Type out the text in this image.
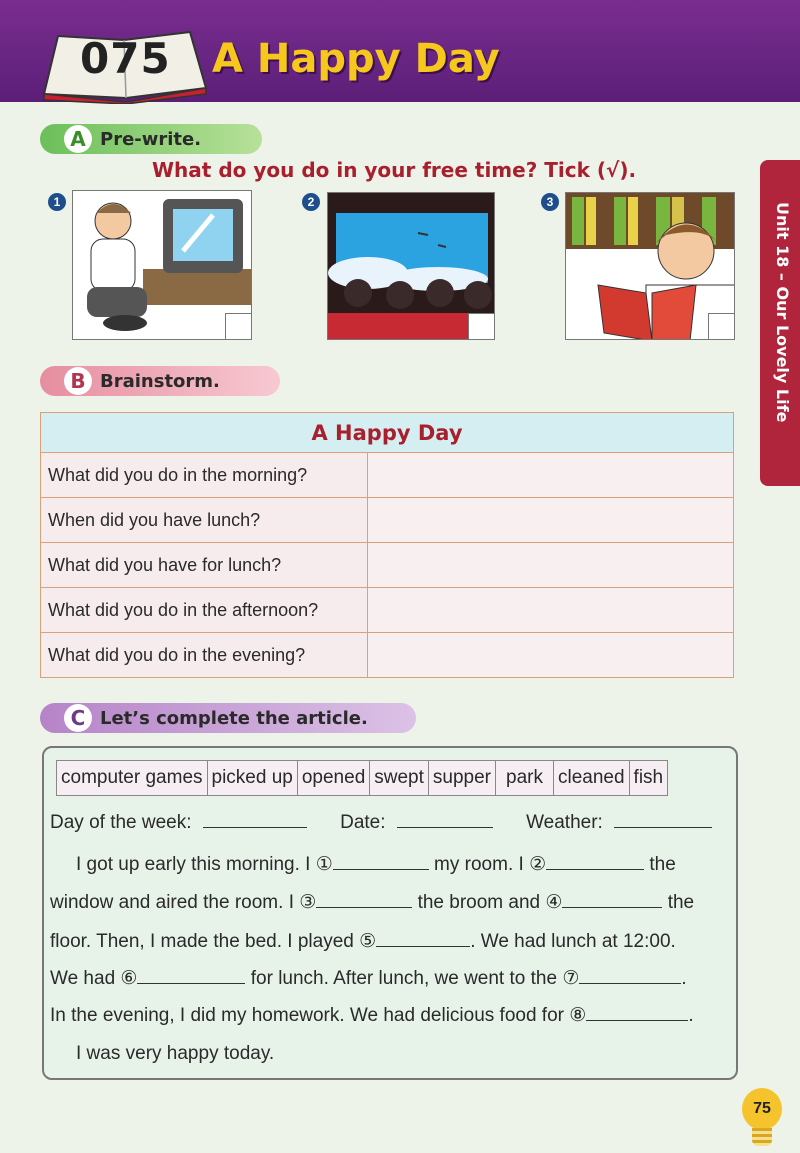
075 A Happy Day
Unit 18 – Our Lovely Life
A Pre-write.
What do you do in your free time? Tick (√).
1	2	3
B Brainstorm.
A Happy Day	
What did you do in the morning?	
When did you have lunch?	
What did you have for lunch?	
What did you do in the afternoon?	
What did you do in the evening?	
C Let’s complete the article.
computer games picked up opened swept supper park cleaned fish
Day of the week:	Date:	Weather:
I got up early this morning. I ①	my room. I ②	the
window and aired the room. I ③	the broom and ④	the
floor. Then, I made the bed. I played ⑤	. We had lunch at 12:00.
We had ⑥	for lunch. After lunch, we went to the ⑦	.
In the evening, I did my homework. We had delicious food for ⑧	.
I was very happy today.
75
